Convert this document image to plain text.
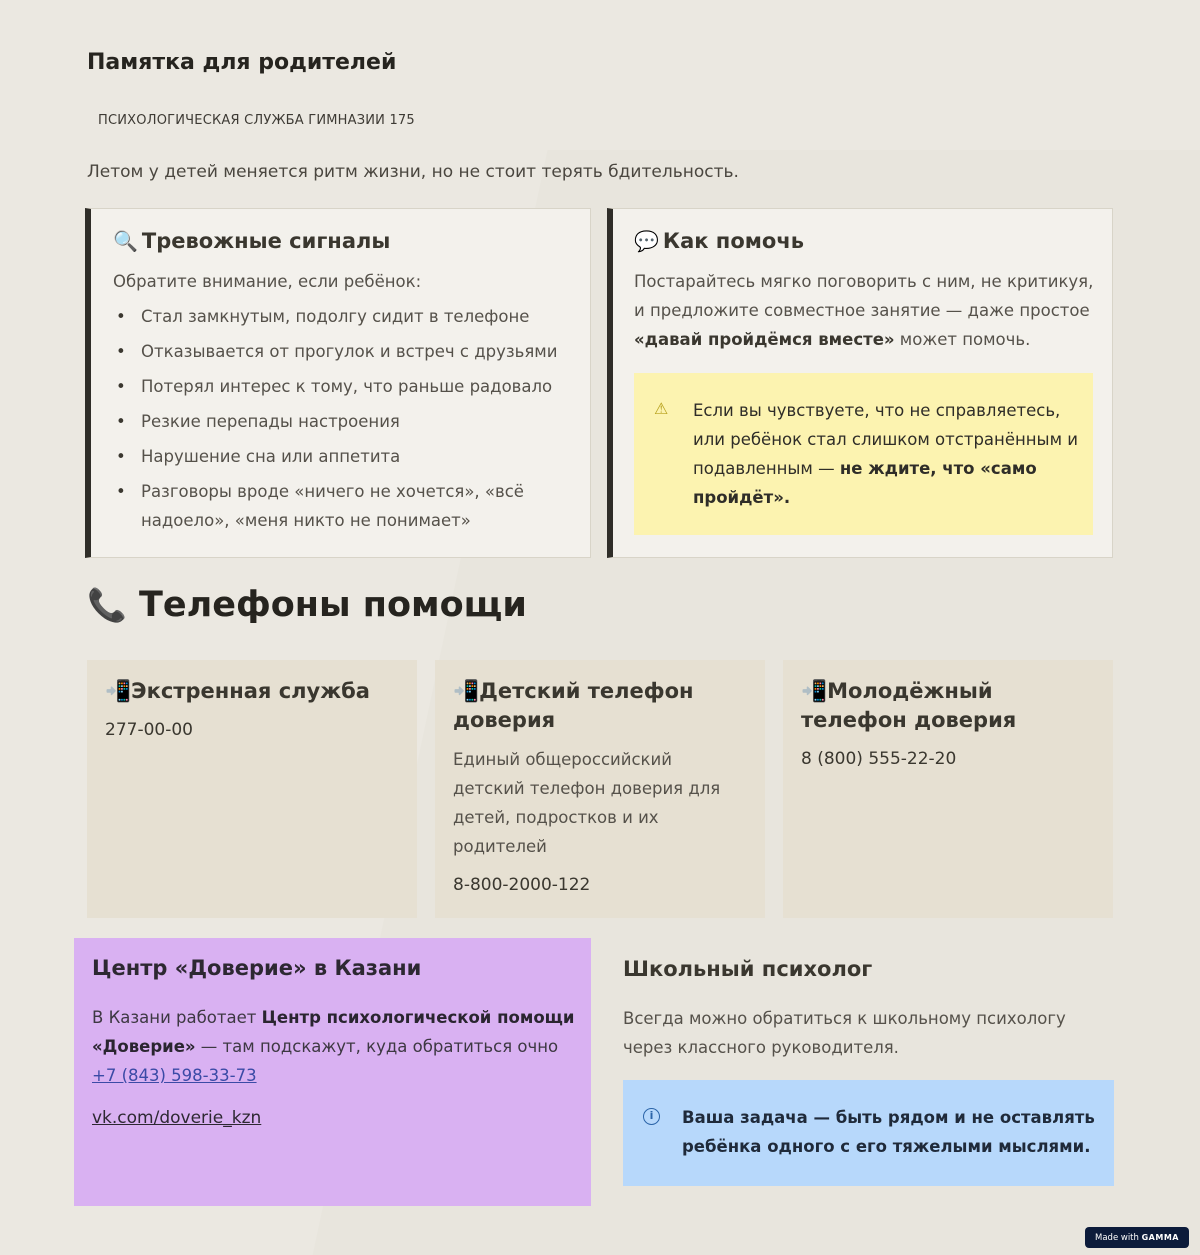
Памятка для родителей
ПСИХОЛОГИЧЕСКАЯ СЛУЖБА ГИМНАЗИИ 175
Летом у детей меняется ритм жизни, но не стоит терять бдительность.
🔍 Тревожные сигналы

Обратите внимание, если ребёнок:

• Стал замкнутым, подолгу сидит в телефоне
• Отказывается от прогулок и встреч с друзьями
• Потерял интерес к тому, что раньше радовало
• Резкие перепады настроения
• Нарушение сна или аппетита
• Разговоры вроде «ничего не хочется», «всё надоело», «меня никто не понимает»
💬 Как помочь

Постарайтесь мягко поговорить с ним, не критикуя, и предложите совместное занятие — даже простое «давай пройдёмся вместе» может помочь.

⚠ Если вы чувствуете, что не справляетесь, или ребёнок стал слишком отстранённым и подавленным — не ждите, что «само пройдёт».
📞 Телефоны помощи
📲Экстренная служба
277-00-00
📲Детский телефон доверия
Единый общероссийский детский телефон доверия для детей, подростков и их родителей
8-800-2000-122
📲Молодёжный телефон доверия
8 (800) 555-22-20
Центр «Доверие» в Казани
В Казани работает Центр психологической помощи «Доверие» — там подскажут, куда обратиться очно +7 (843) 598-33-73
vk.com/doverie_kzn
Школьный психолог
Всегда можно обратиться к школьному психологу через классного руководителя.
i	Ваша задача — быть рядом и не оставлять ребёнка одного с его тяжелыми мыслями.
Made with GAMMA
